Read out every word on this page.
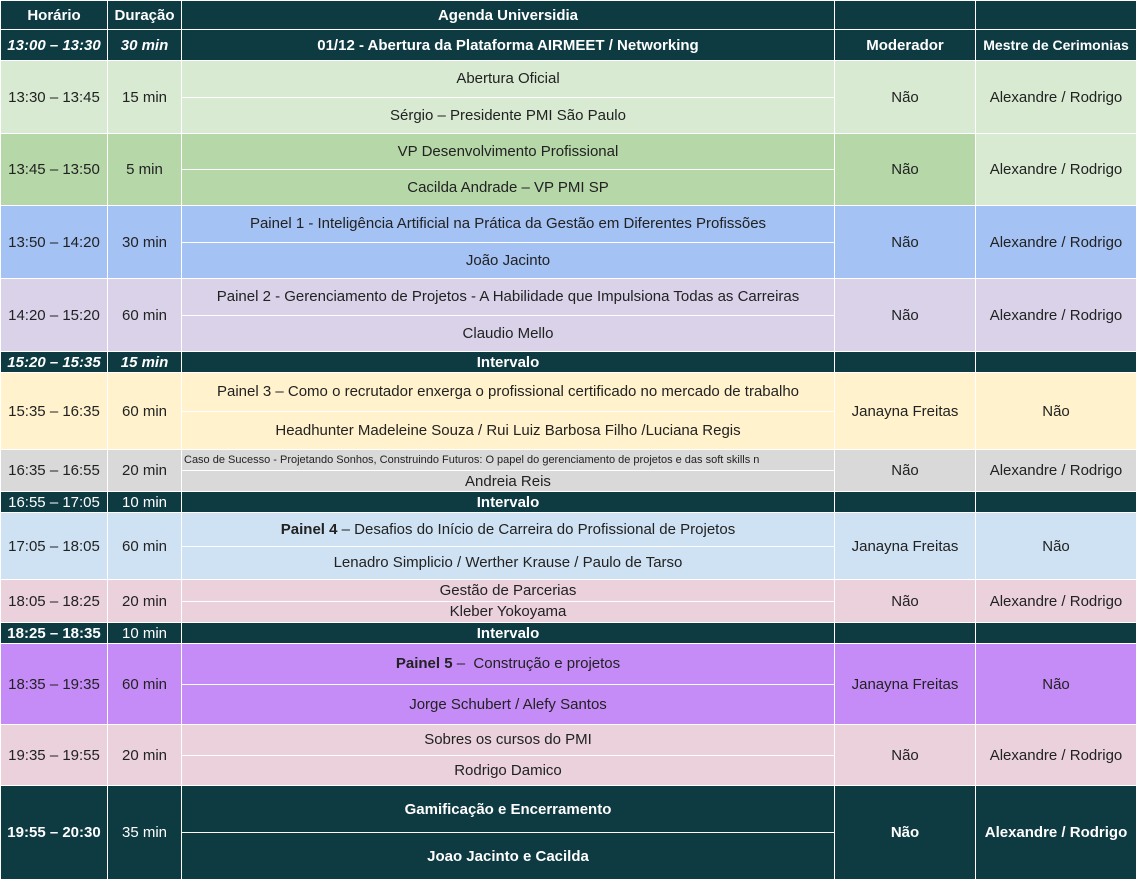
Horário	Duração	Agenda Universidia		
13:00 – 13:30	30 min	01/12 - Abertura da Plataforma AIRMEET / Networking	Moderador	Mestre de Cerimonias
13:30 – 13:45	15 min	Abertura Oficial
Sérgio – Presidente PMI São Paulo	Não	Alexandre / Rodrigo
13:45 – 13:50	5 min	VP Desenvolvimento Profissional
Cacilda Andrade – VP PMI SP	Não	Alexandre / Rodrigo
13:50 – 14:20	30 min	Painel 1 - Inteligência Artificial na Prática da Gestão em Diferentes Profissões
João Jacinto	Não	Alexandre / Rodrigo
14:20 – 15:20	60 min	Painel 2 - Gerenciamento de Projetos - A Habilidade que Impulsiona Todas as Carreiras
Claudio Mello	Não	Alexandre / Rodrigo
15:20 – 15:35	15 min	Intervalo		
15:35 – 16:35	60 min	Painel 3 – Como o recrutador enxerga o profissional certificado no mercado de trabalho
Headhunter Madeleine Souza / Rui Luiz Barbosa Filho /Luciana Regis	Janayna Freitas	Não
16:35 – 16:55	20 min	Caso de Sucesso - Projetando Sonhos, Construindo Futuros: O papel do gerenciamento de projetos e das soft skills n
Andreia Reis	Não	Alexandre / Rodrigo
16:55 – 17:05	10 min	Intervalo		
17:05 – 18:05	60 min	Painel 4 – Desafios do Início de Carreira do Profissional de Projetos
Lenadro Simplicio / Werther Krause / Paulo de Tarso	Janayna Freitas	Não
18:05 – 18:25	20 min	Gestão de Parcerias
Kleber Yokoyama	Não	Alexandre / Rodrigo
18:25 – 18:35	10 min	Intervalo		
18:35 – 19:35	60 min	Painel 5 –  Construção e projetos
Jorge Schubert / Alefy Santos	Janayna Freitas	Não
19:35 – 19:55	20 min	Sobres os cursos do PMI
Rodrigo Damico	Não	Alexandre / Rodrigo
19:55 – 20:30	35 min	Gamificação e Encerramento
Joao Jacinto e Cacilda	Não	Alexandre / Rodrigo
